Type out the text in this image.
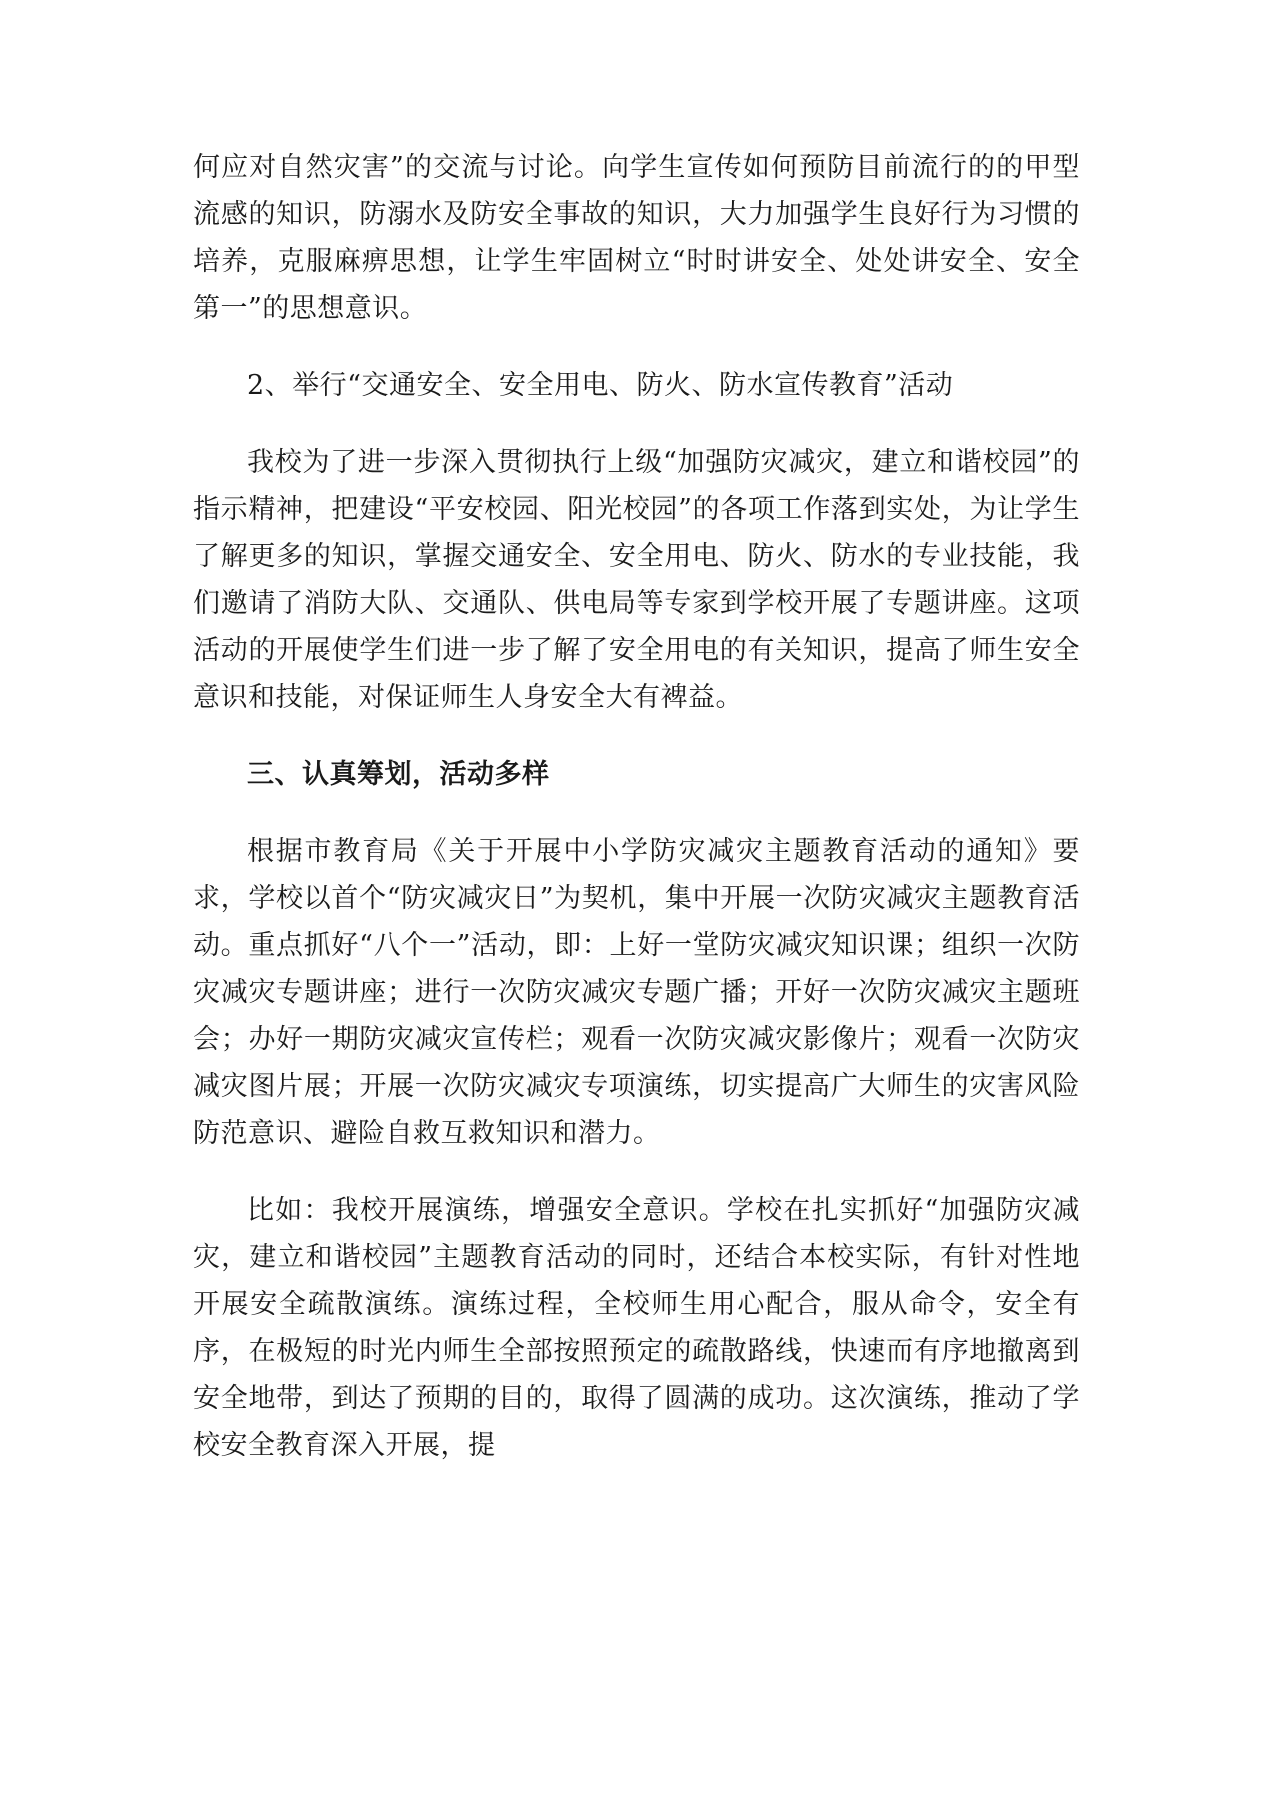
何应对自然灾害”的交流与讨论。向学生宣传如何预防目前流行的的甲型流感的知识，防溺水及防安全事故的知识，大力加强学生良好行为习惯的培养，克服麻痹思想，让学生牢固树立“时时讲安全、处处讲安全、安全第一”的思想意识。

2、举行“交通安全、安全用电、防火、防水宣传教育”活动

我校为了进一步深入贯彻执行上级“加强防灾减灾，建立和谐校园”的指示精神，把建设“平安校园、阳光校园”的各项工作落到实处，为让学生了解更多的知识，掌握交通安全、安全用电、防火、防水的专业技能，我们邀请了消防大队、交通队、供电局等专家到学校开展了专题讲座。这项活动的开展使学生们进一步了解了安全用电的有关知识，提高了师生安全意识和技能，对保证师生人身安全大有裨益。

三、认真筹划，活动多样

根据市教育局《关于开展中小学防灾减灾主题教育活动的通知》要求，学校以首个“防灾减灾日”为契机，集中开展一次防灾减灾主题教育活动。重点抓好“八个一”活动，即：上好一堂防灾减灾知识课；组织一次防灾减灾专题讲座；进行一次防灾减灾专题广播；开好一次防灾减灾主题班会；办好一期防灾减灾宣传栏；观看一次防灾减灾影像片；观看一次防灾减灾图片展；开展一次防灾减灾专项演练，切实提高广大师生的灾害风险防范意识、避险自救互救知识和潜力。

比如：我校开展演练，增强安全意识。学校在扎实抓好“加强防灾减灾，建立和谐校园”主题教育活动的同时，还结合本校实际，有针对性地开展安全疏散演练。演练过程，全校师生用心配合，服从命令，安全有序，在极短的时光内师生全部按照预定的疏散路线，快速而有序地撤离到安全地带，到达了预期的目的，取得了圆满的成功。这次演练，推动了学校安全教育深入开展，提
